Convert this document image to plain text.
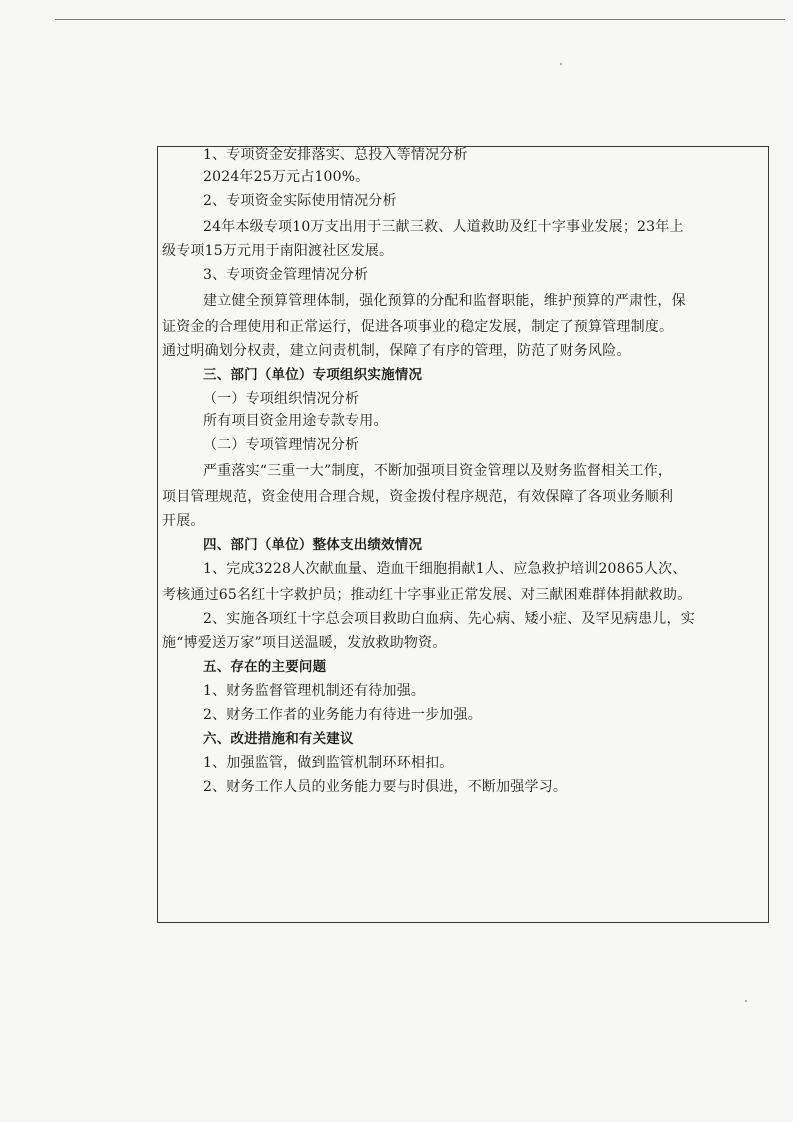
1、专项资金安排落实、总投入等情况分析
2024年25万元占100%。
2、专项资金实际使用情况分析
24年本级专项10万支出用于三献三救、人道救助及红十字事业发展；23年上
级专项15万元用于南阳渡社区发展。
3、专项资金管理情况分析
建立健全预算管理体制，强化预算的分配和监督职能，维护预算的严肃性，保
证资金的合理使用和正常运行，促进各项事业的稳定发展，制定了预算管理制度。
通过明确划分权责，建立问责机制，保障了有序的管理，防范了财务风险。
三、部门（单位）专项组织实施情况
（一）专项组织情况分析
所有项目资金用途专款专用。
（二）专项管理情况分析
严重落实“三重一大”制度，不断加强项目资金管理以及财务监督相关工作，
项目管理规范，资金使用合理合规，资金拨付程序规范，有效保障了各项业务顺利
开展。
四、部门（单位）整体支出绩效情况
1、完成3228人次献血量、造血干细胞捐献1人、应急救护培训20865人次、
考核通过65名红十字救护员；推动红十字事业正常发展、对三献困难群体捐献救助。
2、实施各项红十字总会项目救助白血病、先心病、矮小症、及罕见病患儿，实
施“博爱送万家”项目送温暖，发放救助物资。
五、存在的主要问题
1、财务监督管理机制还有待加强。
2、财务工作者的业务能力有待进一步加强。
六、改进措施和有关建议
1、加强监管，做到监管机制环环相扣。
2、财务工作人员的业务能力要与时俱进，不断加强学习。
